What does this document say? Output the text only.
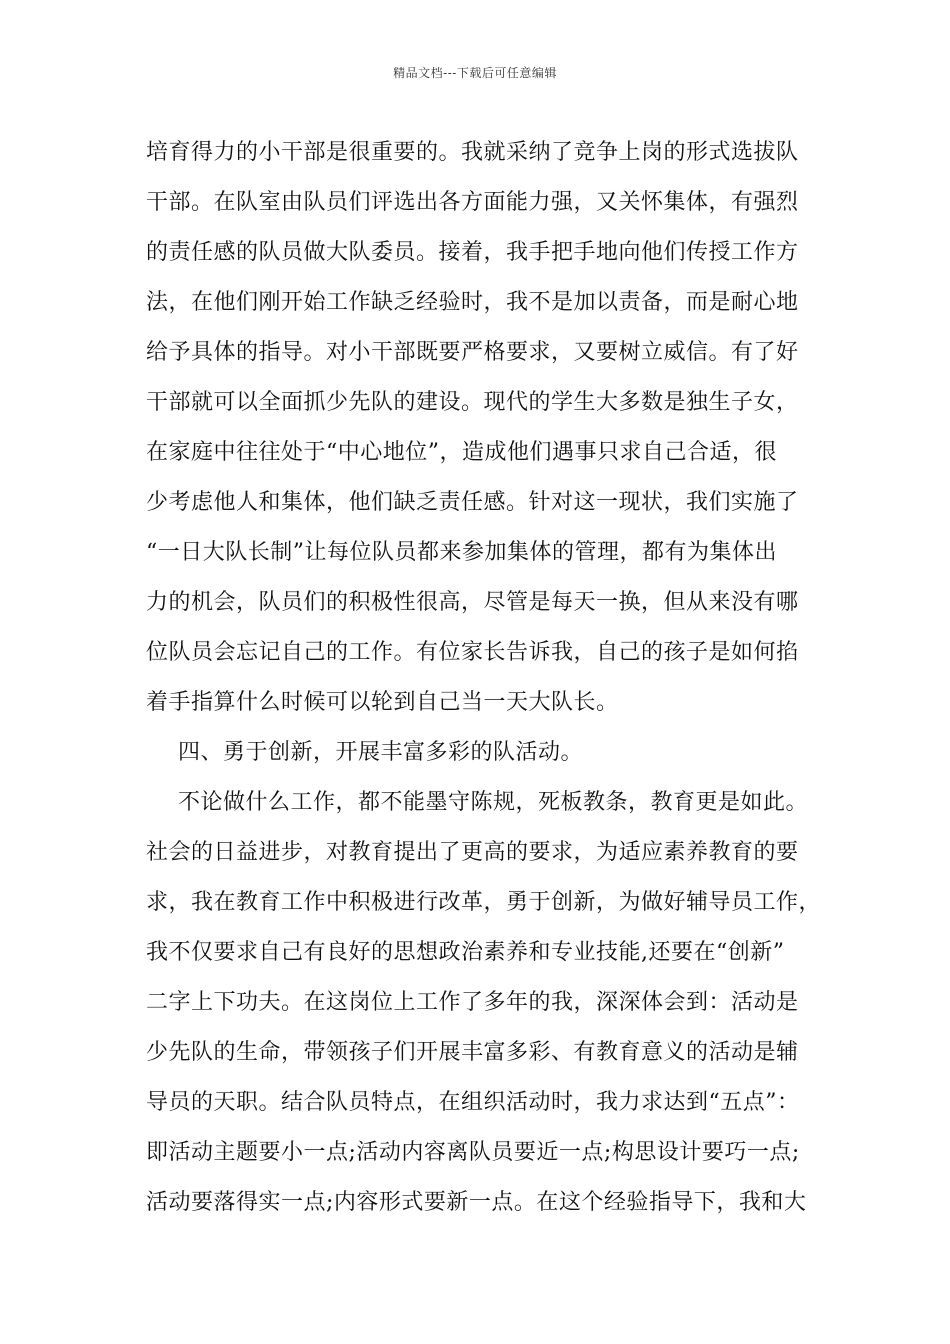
精品文档---下载后可任意编辑
培育得力的小干部是很重要的。我就采纳了竞争上岗的形式选拔队
干部。在队室由队员们评选出各方面能力强，又关怀集体，有强烈
的责任感的队员做大队委员。接着，我手把手地向他们传授工作方
法，在他们刚开始工作缺乏经验时，我不是加以责备，而是耐心地
给予具体的指导。对小干部既要严格要求，又要树立威信。有了好
干部就可以全面抓少先队的建设。现代的学生大多数是独生子女，
在家庭中往往处于“中心地位”，造成他们遇事只求自己合适，很
少考虑他人和集体，他们缺乏责任感。针对这一现状，我们实施了
“一日大队长制”让每位队员都来参加集体的管理，都有为集体出
力的机会，队员们的积极性很高，尽管是每天一换，但从来没有哪
位队员会忘记自己的工作。有位家长告诉我，自己的孩子是如何掐
着手指算什么时候可以轮到自己当一天大队长。
四、勇于创新，开展丰富多彩的队活动。
不论做什么工作，都不能墨守陈规，死板教条，教育更是如此。
社会的日益进步，对教育提出了更高的要求，为适应素养教育的要
求，我在教育工作中积极进行改革，勇于创新，为做好辅导员工作，
我不仅要求自己有良好的思想政治素养和专业技能,还要在“创新”
二字上下功夫。在这岗位上工作了多年的我，深深体会到：活动是
少先队的生命，带领孩子们开展丰富多彩、有教育意义的活动是辅
导员的天职。结合队员特点，在组织活动时，我力求达到“五点”：
即活动主题要小一点;活动内容离队员要近一点;构思设计要巧一点;
活动要落得实一点;内容形式要新一点。在这个经验指导下，我和大
